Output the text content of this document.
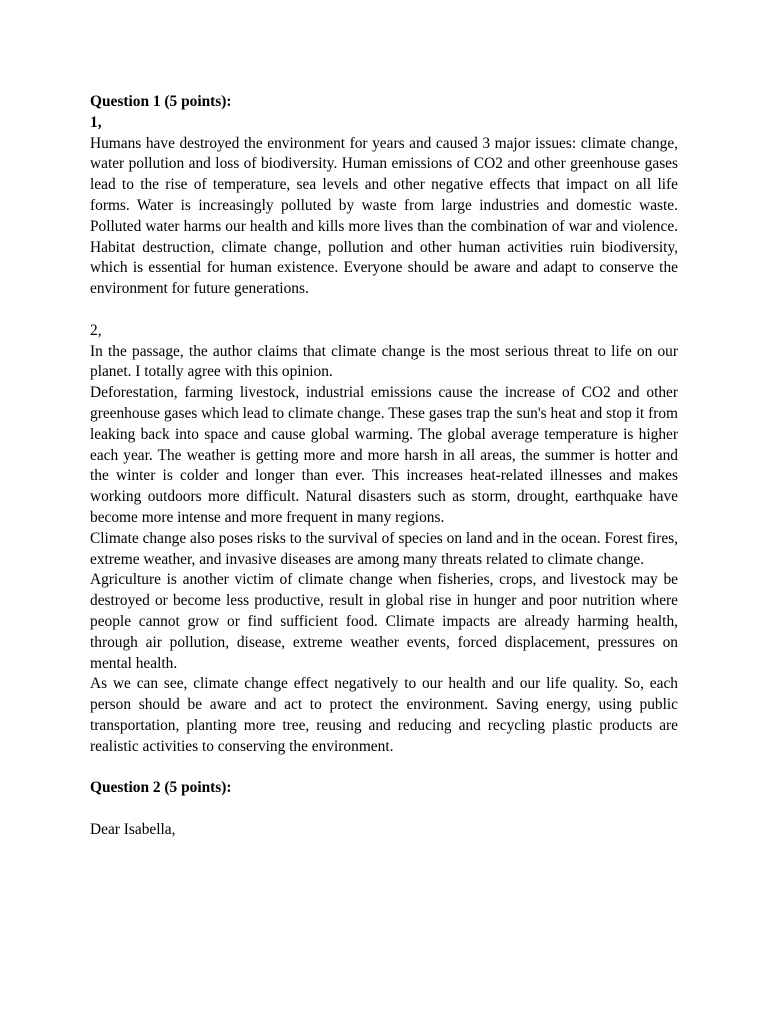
Question 1 (5 points):

1,

Humans have destroyed the environment for years and caused 3 major issues: climate change, water pollution and loss of biodiversity. Human emissions of CO2 and other greenhouse gases lead to the rise of temperature, sea levels and other negative effects that impact on all life forms. Water is increasingly polluted by waste from large industries and domestic waste. Polluted water harms our health and kills more lives than the combination of war and violence. Habitat destruction, climate change, pollution and other human activities ruin biodiversity, which is essential for human existence. Everyone should be aware and adapt to conserve the environment for future generations.

2,

In the passage, the author claims that climate change is the most serious threat to life on our planet. I totally agree with this opinion.

Deforestation, farming livestock, industrial emissions cause the increase of CO2 and other greenhouse gases which lead to climate change. These gases trap the sun's heat and stop it from leaking back into space and cause global warming. The global average temperature is higher each year. The weather is getting more and more harsh in all areas, the summer is hotter and the winter is colder and longer than ever. This increases heat-related illnesses and makes working outdoors more difficult. Natural disasters such as storm, drought, earthquake have become more intense and more frequent in many regions.

Climate change also poses risks to the survival of species on land and in the ocean. Forest fires, extreme weather, and invasive diseases are among many threats related to climate change.

Agriculture is another victim of climate change when fisheries, crops, and livestock may be destroyed or become less productive, result in global rise in hunger and poor nutrition where people cannot grow or find sufficient food. Climate impacts are already harming health, through air pollution, disease, extreme weather events, forced displacement, pressures on mental health.

As we can see, climate change effect negatively to our health and our life quality. So, each person should be aware and act to protect the environment. Saving energy, using public transportation, planting more tree, reusing and reducing and recycling plastic products are realistic activities to conserving the environment.

Question 2 (5 points):

Dear Isabella,
